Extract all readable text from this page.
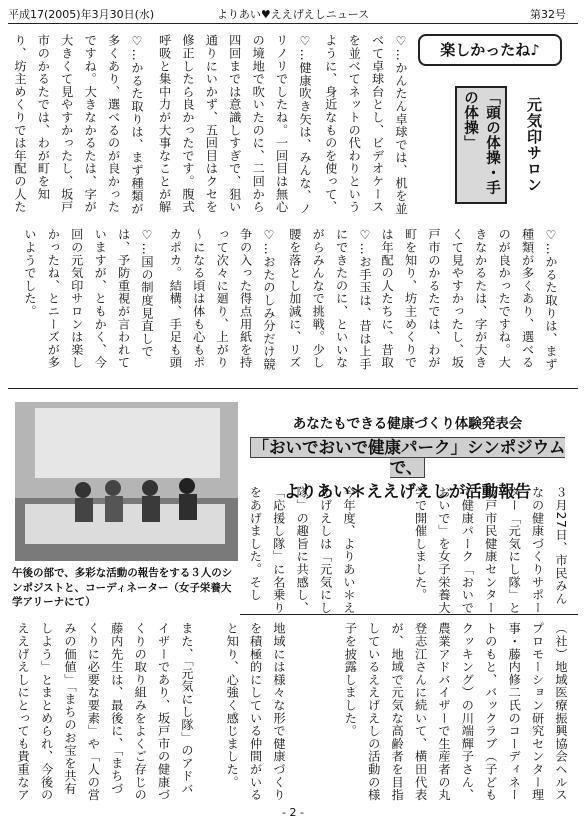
平成17(2005)年3月30日(水)	よりあい♥ええげえしニュース	第32号
楽しかったね♪
元気印サロン
「頭の体操・手の体操」
♡…かんたん卓球では、机を並べて卓球台とし、ビデオケースを並べてネットの代わりというように、身近なものを使って、
♡…健康吹き矢は、みんな、ノリノリでしたね。一回目は無心の境地で吹いたのに、二回から四回までは意識しすぎで、狙い通りにいかず、五回目はクセを修正したら良かったです。腹式呼吸と集中力が大事なことが解
♡…かるた取りは、まず種類が多くあり、選べるのが良かったですね。大きなかるたは、字が大きくて見やすかったし、坂戸市のかるたでは、わが町を知り、坊主めくりでは年配の人た
♡…かるた取りは、まず種類が多くあり、選べるのが良かったですね。大きなかるたは、字が大きくて見やすかったし、坂戸市のかるたでは、わが町を知り、坊主めくりでは年配の人たちに、昔取
♡…お手玉は、昔は上手にできたのに、といいながらみんなで挑戦。少し腰を落とし加減に、リズ
♡…おたのしみ分だけ競争の入った得点用紙を持って次々に廻り、上がり～になる頃は体も心もポカポカ。結構、手足も頭
♡…国の制度見直しでは、予防重視が言われていますが、ともかく、今回の元気印サロンは楽しかったね、とニーズが多いようでした。
午後の部で、多彩な活動の報告をする３人のシンポジストと、コーディネーター（女子栄養大学アリーナにて）
あなたもできる健康づくり体験発表会
「おいでおいで健康パーク」シンポジウムで、
よりあい＊ええげえしが活動報告	３月27日、市民みんなの健康づくりサポーター「元気にし隊」と坂戸市民健康センターで健康パーク「おいでおいで」を女子栄養大学で開催しました。
今年度、よりあい＊ええげえしは「元気にし隊」の趣旨に共感し、「応援し隊」に名乗りをあげました。そし
（社）地域医療振興協会ヘルスプロモーション研究センター理事・藤内修二氏のコーディネートのもと、バックラブ（子どもクッキング）の川端輝子さん、農業アドバイザーで生産者の丸 登志江さんに続いて、横田代表が、地域で元気な高齢者を目指しているええげえしの活動の様子を披露しました。
地域には様々な形で健康づくりを積極的にしている仲間がいると知り、心強く感じました。
また、「元気にし隊」のアドバイザーであり、坂戸市の健康づくりの取り組みをよくご存じの藤内先生は、最後に、「まちづくりに必要な要素」や「人の営みの価値」「まちのお宝を共有しよう」とまとめられ、今後のええげえしにとっても貴重なア
- 2 -
